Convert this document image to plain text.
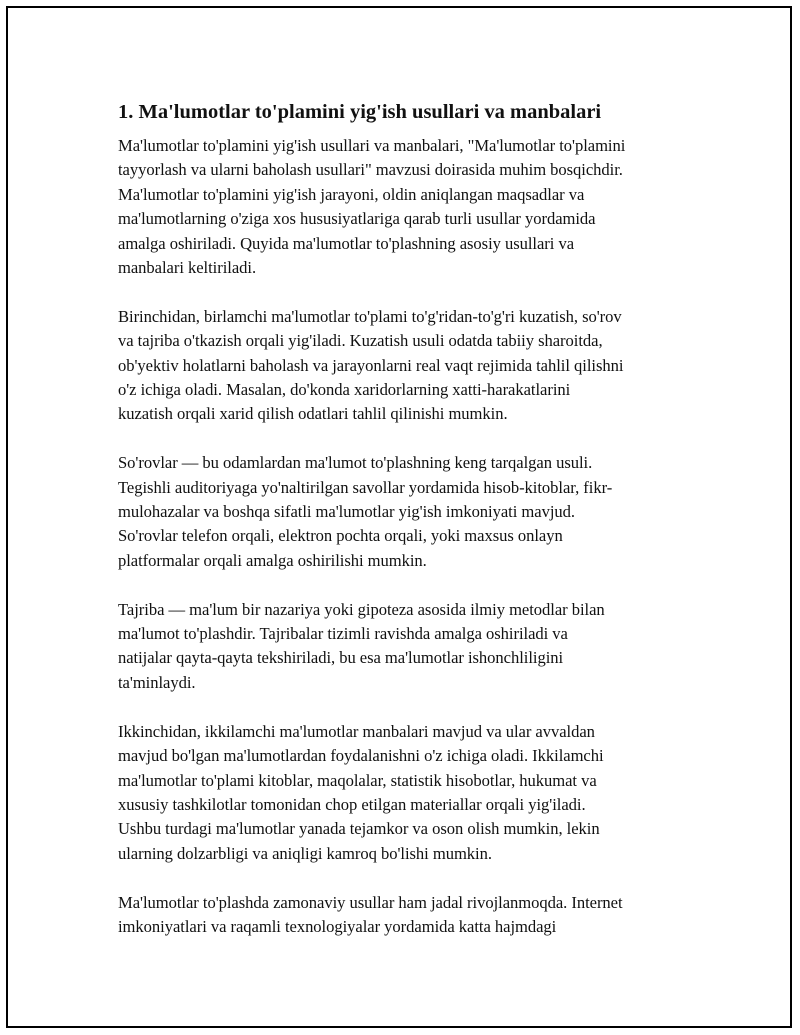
1. Ma'lumotlar to'plamini yig'ish usullari va manbalari

Ma'lumotlar to'plamini yig'ish usullari va manbalari, "Ma'lumotlar to'plamini
tayyorlash va ularni baholash usullari" mavzusi doirasida muhim bosqichdir.
Ma'lumotlar to'plamini yig'ish jarayoni, oldin aniqlangan maqsadlar va
ma'lumotlarning o'ziga xos hususiyatlariga qarab turli usullar yordamida
amalga oshiriladi. Quyida ma'lumotlar to'plashning asosiy usullari va
manbalari keltiriladi.

Birinchidan, birlamchi ma'lumotlar to'plami to'g'ridan-to'g'ri kuzatish, so'rov
va tajriba o'tkazish orqali yig'iladi. Kuzatish usuli odatda tabiiy sharoitda,
ob'yektiv holatlarni baholash va jarayonlarni real vaqt rejimida tahlil qilishni
o'z ichiga oladi. Masalan, do'konda xaridorlarning xatti-harakatlarini
kuzatish orqali xarid qilish odatlari tahlil qilinishi mumkin.

So'rovlar — bu odamlardan ma'lumot to'plashning keng tarqalgan usuli.
Tegishli auditoriyaga yo'naltirilgan savollar yordamida hisob-kitoblar, fikr-
mulohazalar va boshqa sifatli ma'lumotlar yig'ish imkoniyati mavjud.
So'rovlar telefon orqali, elektron pochta orqali, yoki maxsus onlayn
platformalar orqali amalga oshirilishi mumkin.

Tajriba — ma'lum bir nazariya yoki gipoteza asosida ilmiy metodlar bilan
ma'lumot to'plashdir. Tajribalar tizimli ravishda amalga oshiriladi va
natijalar qayta-qayta tekshiriladi, bu esa ma'lumotlar ishonchliligini
ta'minlaydi.

Ikkinchidan, ikkilamchi ma'lumotlar manbalari mavjud va ular avvaldan
mavjud bo'lgan ma'lumotlardan foydalanishni o'z ichiga oladi. Ikkilamchi
ma'lumotlar to'plami kitoblar, maqolalar, statistik hisobotlar, hukumat va
xususiy tashkilotlar tomonidan chop etilgan materiallar orqali yig'iladi.
Ushbu turdagi ma'lumotlar yanada tejamkor va oson olish mumkin, lekin
ularning dolzarbligi va aniqligi kamroq bo'lishi mumkin.

Ma'lumotlar to'plashda zamonaviy usullar ham jadal rivojlanmoqda. Internet
imkoniyatlari va raqamli texnologiyalar yordamida katta hajmdagi
